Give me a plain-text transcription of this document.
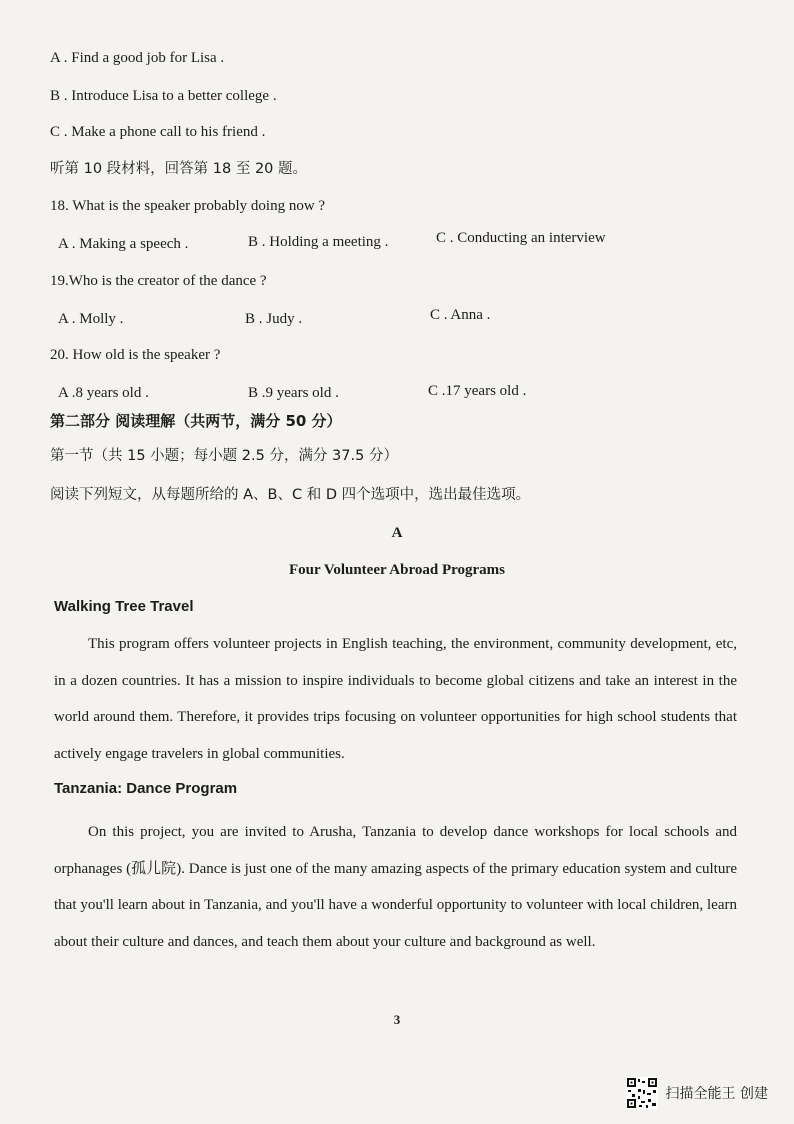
A . Find a good job for Lisa .
B . Introduce Lisa to a better college .
C . Make a phone call to his friend .
听第 10 段材料，回答第 18 至 20 题。
18. What is the speaker probably doing now ?
A . Making a speech .	B . Holding a meeting .	C . Conducting an interview
19.Who is the creator of the dance ?
A . Molly .	B . Judy .	C . Anna .
20. How old is the speaker ?
A .8 years old .	B .9 years old .	C .17 years old .
第二部分 阅读理解（共两节，满分 50 分）
第一节（共 15 小题；每小题 2.5 分，满分 37.5 分）
阅读下列短文，从每题所给的 A、B、C 和 D 四个选项中，选出最佳选项。
A
Four Volunteer Abroad Programs
Walking Tree Travel
This program offers volunteer projects in English teaching, the environment, community development, etc, in a dozen countries. It has a mission to inspire individuals to become global citizens and take an interest in the world around them. Therefore, it provides trips focusing on volunteer opportunities for high school students that actively engage travelers in global communities.
Tanzania: Dance Program
On this project, you are invited to Arusha, Tanzania to develop dance workshops for local schools and orphanages (孤儿院). Dance is just one of the many amazing aspects of the primary education system and culture that you'll learn about in Tanzania, and you'll have a wonderful opportunity to volunteer with local children, learn about their culture and dances, and teach them about your culture and background as well.
3
扫描全能王 创建
